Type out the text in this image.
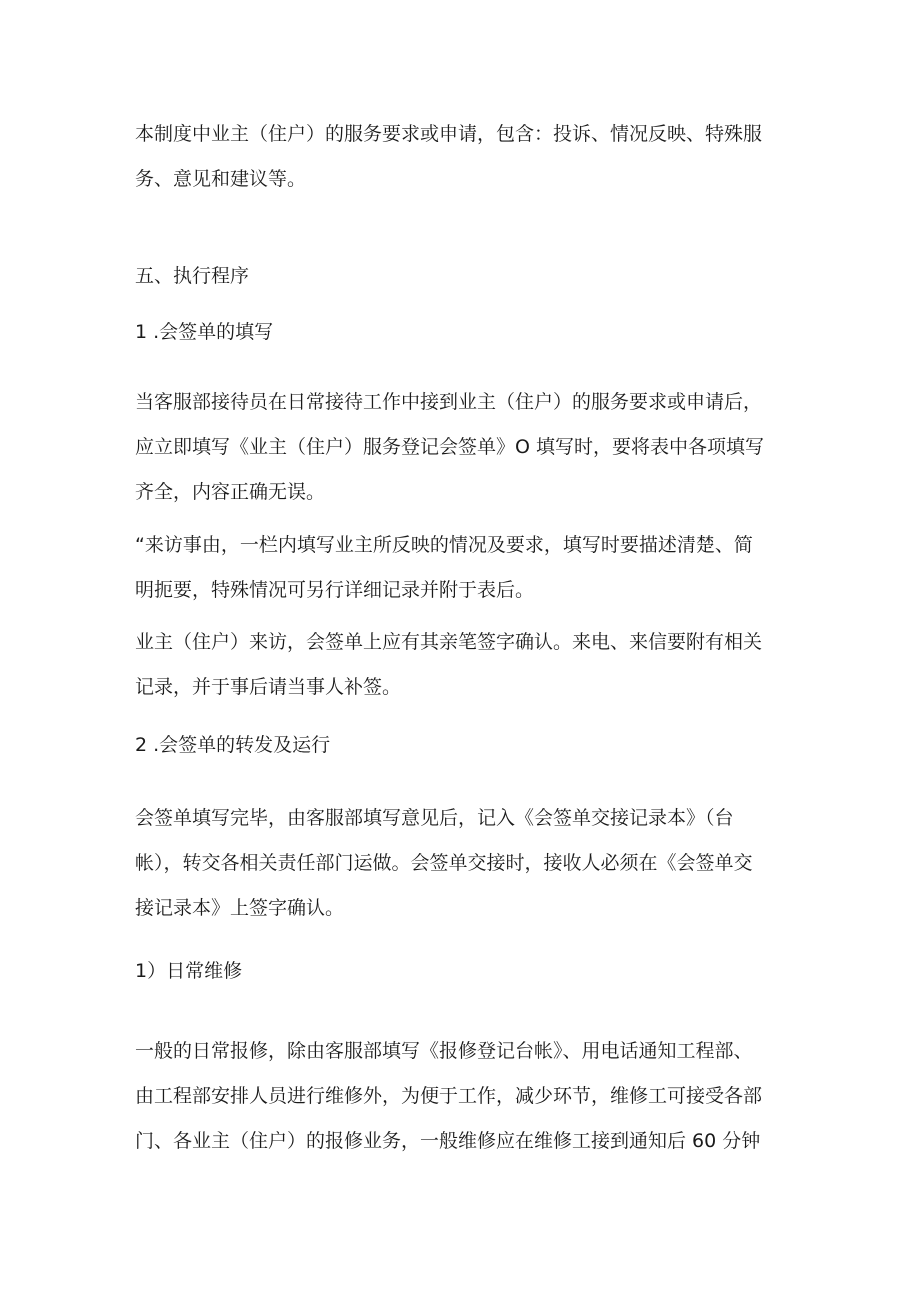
本制度中业主（住户）的服务要求或申请，包含：投诉、情况反映、特殊服
务、意见和建议等。
五、执行程序
1 .会签单的填写
当客服部接待员在日常接待工作中接到业主（住户）的服务要求或申请后，
应立即填写《业主（住户）服务登记会签单》O 填写时，要将表中各项填写
齐全，内容正确无误。
“来访事由，一栏内填写业主所反映的情况及要求，填写时要描述清楚、简
明扼要，特殊情况可另行详细记录并附于表后。
业主（住户）来访，会签单上应有其亲笔签字确认。来电、来信要附有相关
记录，并于事后请当事人补签。
2 .会签单的转发及运行
会签单填写完毕，由客服部填写意见后，记入《会签单交接记录本》（台
帐），转交各相关责任部门运做。会签单交接时，接收人必须在《会签单交
接记录本》上签字确认。
1）日常维修
一般的日常报修，除由客服部填写《报修登记台帐》、用电话通知工程部、
由工程部安排人员进行维修外，为便于工作，减少环节，维修工可接受各部
门、各业主（住户）的报修业务，一般维修应在维修工接到通知后 60 分钟
